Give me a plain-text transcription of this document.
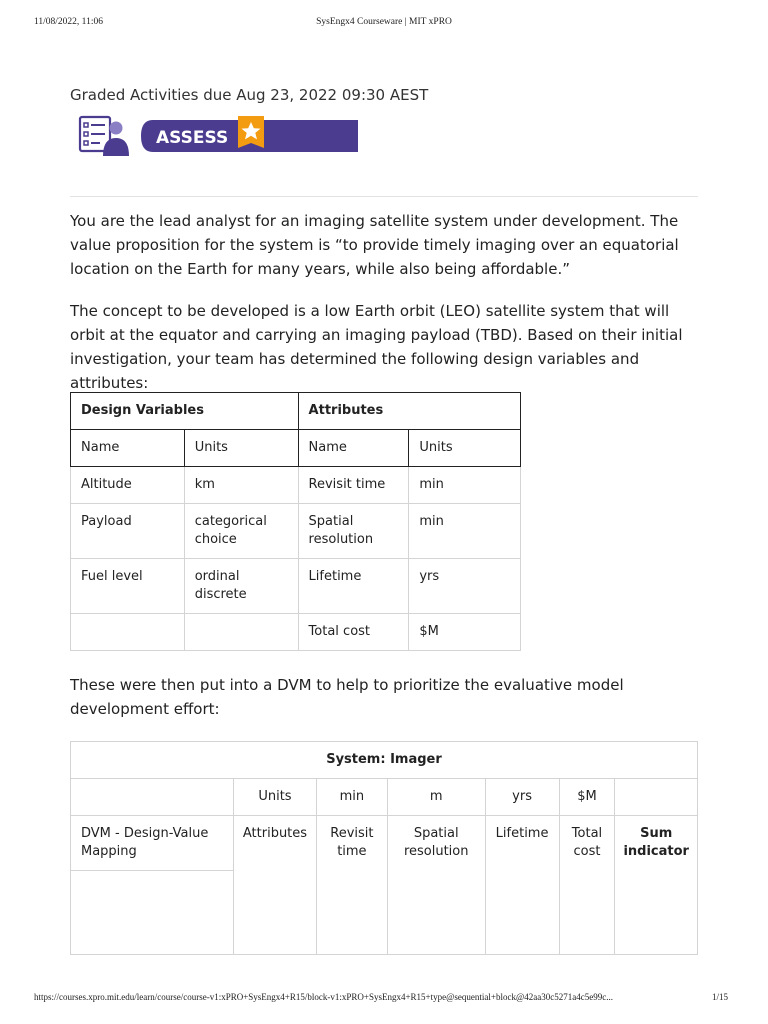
11/08/2022, 11:06	SysEngx4 Courseware | MIT xPRO
Graded Activities due Aug 23, 2022 09:30 AEST
ASSESS

You are the lead analyst for an imaging satellite system under development. The value proposition for the system is “to provide timely imaging over an equatorial location on the Earth for many years, while also being affordable.”

The concept to be developed is a low Earth orbit (LEO) satellite system that will orbit at the equator and carrying an imaging payload (TBD). Based on their initial investigation, your team has determined the following design variables and attributes:

Design Variables		Attributes	
Name	Units	Name	Units
Altitude	km	Revisit time	min
Payload	categorical choice	Spatial resolution	min
Fuel level	ordinal discrete	Lifetime	yrs
		Total cost	$M

These were then put into a DVM to help to prioritize the evaluative model development effort:

System: Imager						
	Units	min	m	yrs	$M	

DVM - Design-Value Mapping	Attributes	Revisit time	Spatial resolution	Lifetime	Total cost	Sum indicator

https://courses.xpro.mit.edu/learn/course/course-v1:xPRO+SysEngx4+R15/block-v1:xPRO+SysEngx4+R15+type@sequential+block@42aa30c5271a4c5e99c...	1/15
